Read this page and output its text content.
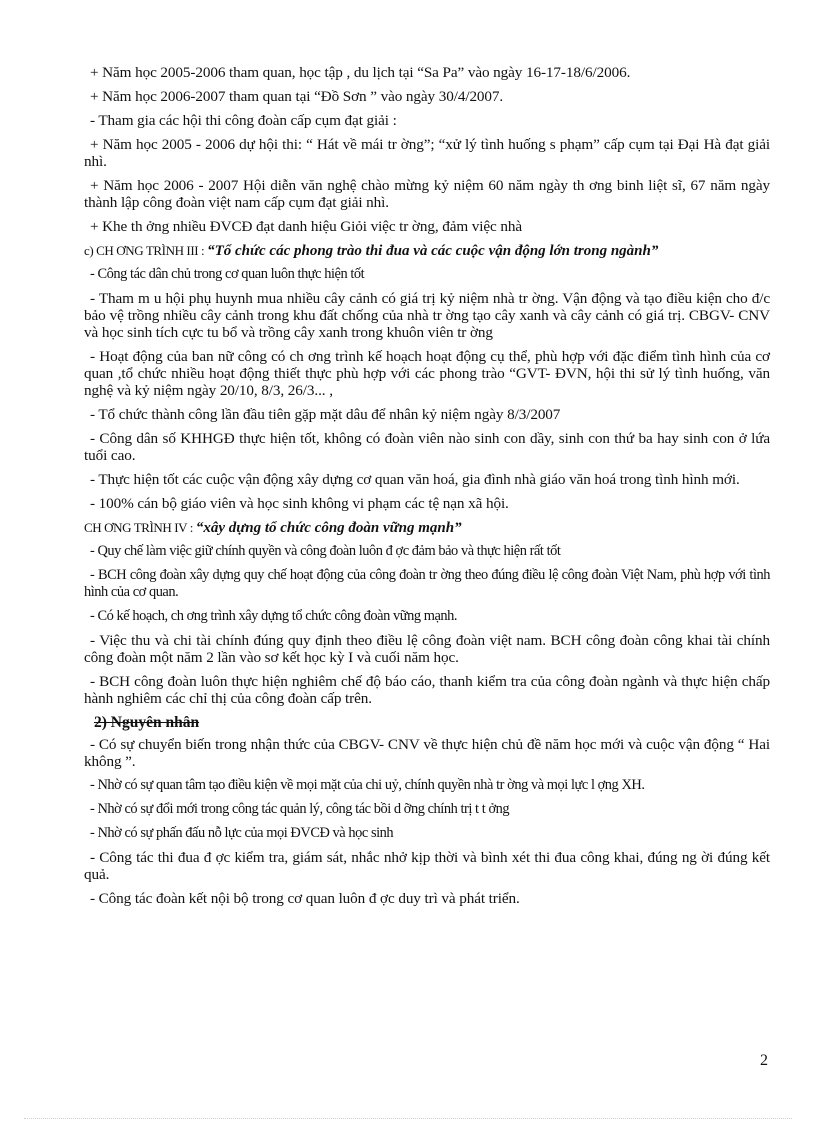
+ Năm học 2005-2006 tham quan, học tập , du lịch tại “Sa Pa” vào ngày 16-17-18/6/2006.

+ Năm học 2006-2007 tham quan tại “Đồ Sơn ” vào ngày 30/4/2007.

- Tham gia các hội thi công đoàn cấp cụm đạt giải :

+ Năm học 2005 - 2006 dự hội thi: “ Hát về mái tr ờng”; “xử lý tình huống s phạm” cấp cụm tại Đại Hà đạt giải nhì.

+ Năm học 2006 - 2007 Hội diễn văn nghệ chào mừng kỷ niệm 60 năm ngày th ơng binh liệt sĩ, 67 năm ngày thành lập công đoàn việt nam cấp cụm đạt giải nhì.

+ Khe th ởng nhiều ĐVCĐ đạt danh hiệu Giỏi việc tr ờng, đảm việc nhà

c) CH ƠNG TRÌNH III : “Tổ chức các phong trào thi đua và các cuộc vận động lớn trong ngành”

- Công tác dân chủ trong cơ quan luôn thực hiện tốt

- Tham m u hội phụ huynh mua nhiều cây cảnh có giá trị kỷ niệm nhà tr ờng. Vận động và tạo điều kiện cho đ/c bảo vệ trồng nhiều cây cảnh trong khu đất chống của nhà tr ờng tạo cây xanh và cây cảnh có giá trị. CBGV- CNV và học sinh tích cực tu bổ và trồng cây xanh trong khuôn viên tr ờng

- Hoạt động của ban nữ công có ch ơng trình kế hoạch hoạt động cụ thể, phù hợp với đặc điểm tình hình của cơ quan ,tổ chức nhiều hoạt động thiết thực phù hợp với các phong trào “GVT- ĐVN, hội thi sử lý tình huống, văn nghệ và kỷ niệm ngày 20/10, 8/3, 26/3... ,

- Tổ chức thành công lần đầu tiên gặp mặt dâu để nhân kỷ niệm ngày 8/3/2007

- Công dân số KHHGĐ thực hiện tốt, không có đoàn viên nào sinh con dầy, sinh con thứ ba hay sinh con ở lứa tuổi cao.

- Thực hiện tốt các cuộc vận động xây dựng cơ quan văn hoá, gia đình nhà giáo văn hoá trong tình hình mới.

- 100% cán bộ giáo viên và học sinh không vi phạm các tệ nạn xã hội.

CH ƠNG TRÌNH IV : “xây dựng tổ chức công đoàn vững mạnh”

- Quy chế làm việc giữ chính quyền và công đoàn luôn đ ợc đảm bảo và thực hiện rất tốt

- BCH công đoàn xây dựng quy chế hoạt động của công đoàn tr ờng theo đúng điều lệ công đoàn Việt Nam, phù hợp với tình hình của cơ quan.

- Có kế hoạch, ch ơng trình xây dựng tổ chức công đoàn vững mạnh.

- Việc thu và chi tài chính đúng quy định theo điều lệ công đoàn việt nam. BCH công đoàn công khai tài chính công đoàn một năm 2 lần vào sơ kết học kỳ I và cuối năm học.

- BCH công đoàn luôn thực hiện nghiêm chế độ báo cáo, thanh kiểm tra của công đoàn ngành và thực hiện chấp hành nghiêm các chỉ thị của công đoàn cấp trên.

2) Nguyên nhân

- Có sự chuyển biến trong nhận thức của CBGV- CNV về thực hiện chủ đề năm học mới và cuộc vận động “ Hai không ”.

- Nhờ có sự quan tâm tạo điều kiện về mọi mặt của chi uỷ, chính quyền nhà tr ờng và mọi lực l ợng XH.

- Nhờ có sự đổi mới trong công tác quản lý, công tác bồi d ỡng chính trị t t ởng

- Nhờ có sự phấn đấu nỗ lực của mọi ĐVCĐ và học sinh

- Công tác thi đua đ ợc kiểm tra, giám sát, nhắc nhở kịp thời và bình xét thi đua công khai, đúng ng ời đúng kết quả.

- Công tác đoàn kết nội bộ trong cơ quan luôn đ ợc duy trì và phát triển.

2
